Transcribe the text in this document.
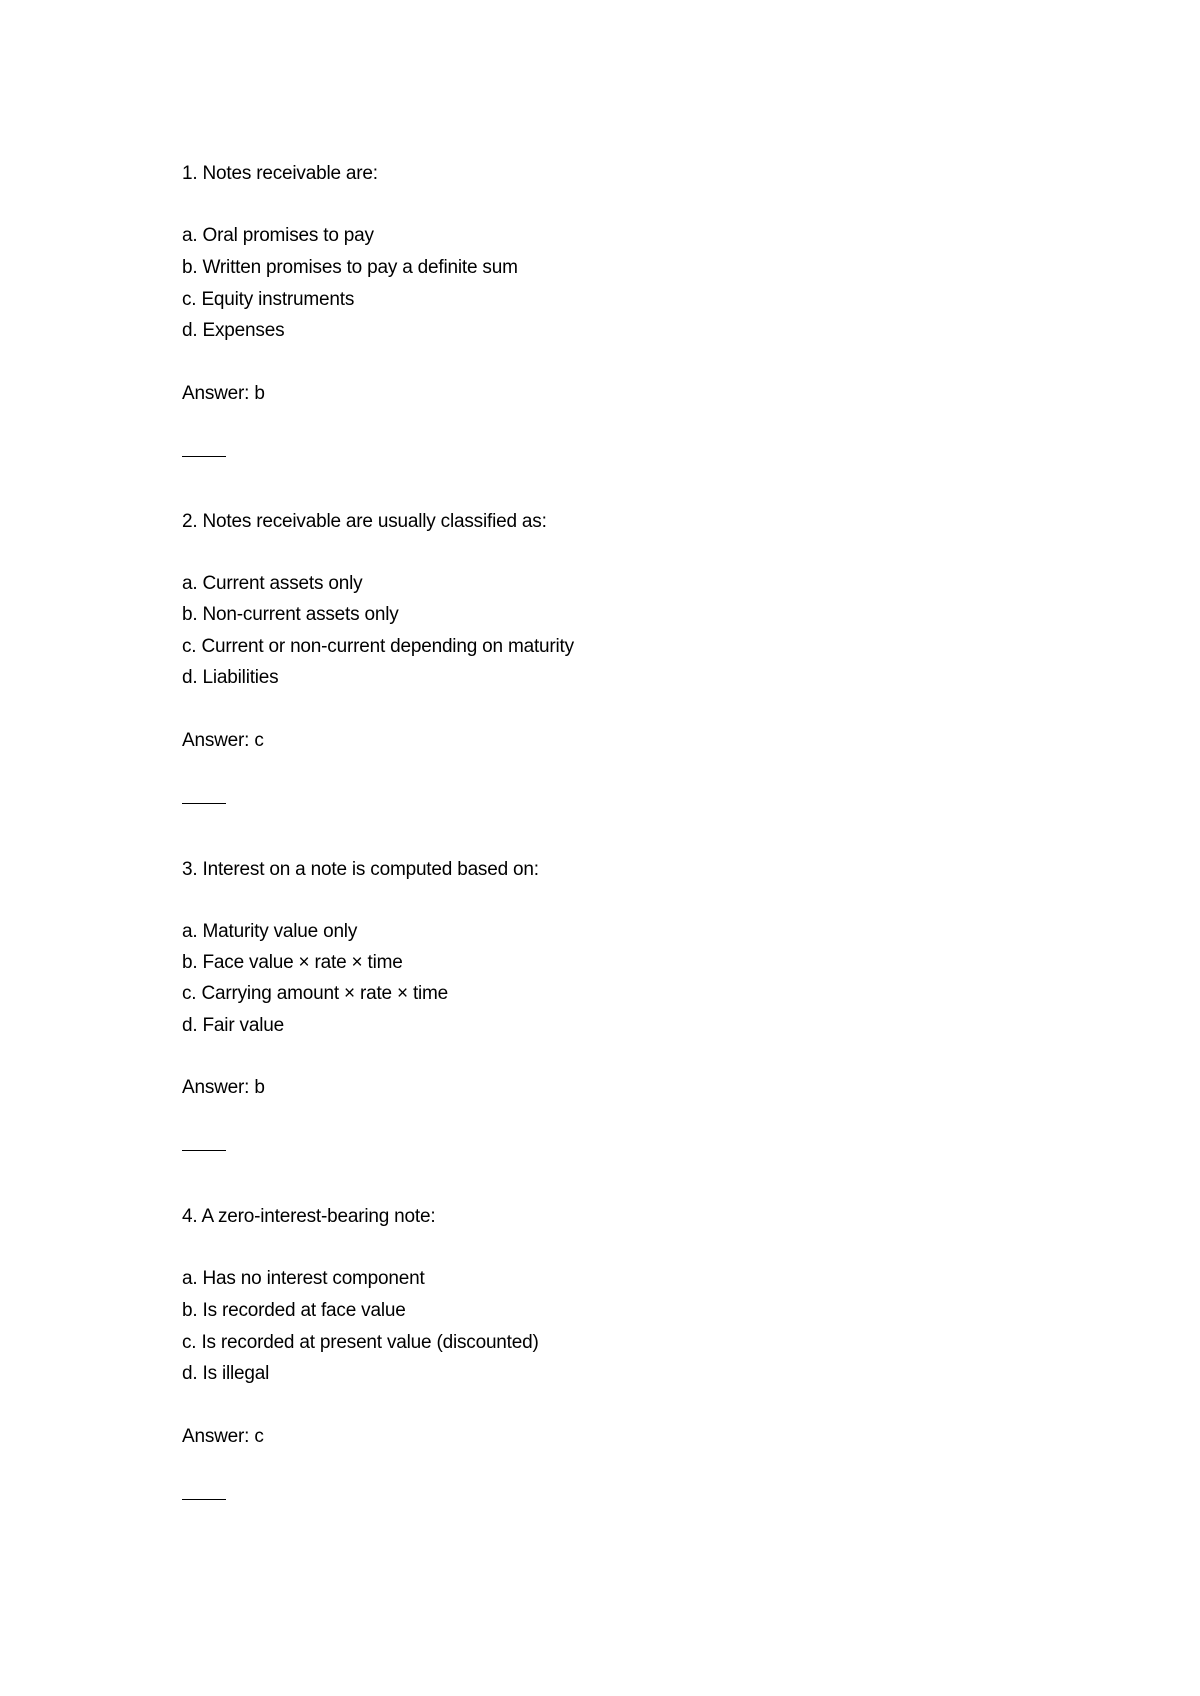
1. Notes receivable are:
a. Oral promises to pay
b. Written promises to pay a definite sum
c. Equity instruments
d. Expenses
Answer: b
2. Notes receivable are usually classified as:
a. Current assets only
b. Non-current assets only
c. Current or non-current depending on maturity
d. Liabilities
Answer: c
3. Interest on a note is computed based on:
a. Maturity value only
b. Face value × rate × time
c. Carrying amount × rate × time
d. Fair value
Answer: b
4. A zero-interest-bearing note:
a. Has no interest component
b. Is recorded at face value
c. Is recorded at present value (discounted)
d. Is illegal
Answer: c
